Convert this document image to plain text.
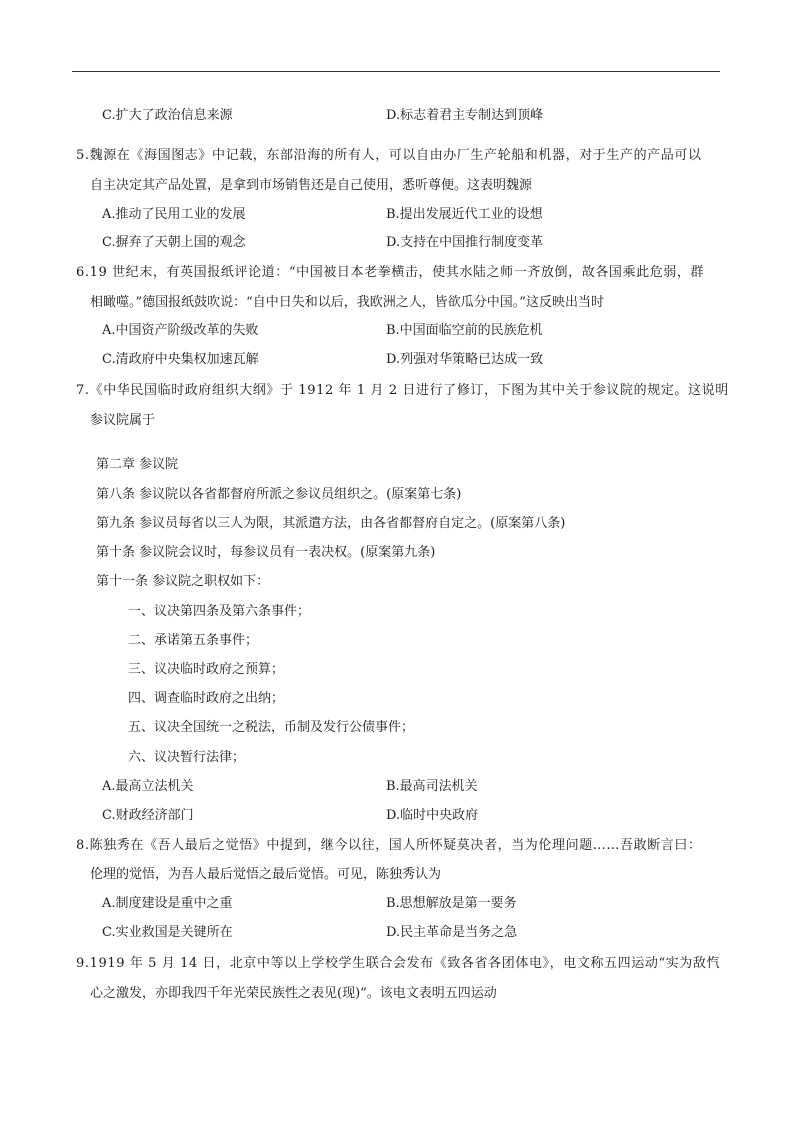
C.扩大了政治信息来源	D.标志着君主专制达到顶峰
5.魏源在《海国图志》中记载，东部沿海的所有人，可以自由办厂生产轮船和机器，对于生产的产品可以
自主决定其产品处置，是拿到市场销售还是自己使用，悉听尊便。这表明魏源
A.推动了民用工业的发展	B.提出发展近代工业的设想
C.摒弃了天朝上国的观念	D.支持在中国推行制度变革
6.19 世纪末，有英国报纸评论道：“中国被日本老拳横击，使其水陆之师一齐放倒，故各国乘此危弱，群
相瞰噬。”德国报纸鼓吹说：“自中日失和以后，我欧洲之人，皆欲瓜分中国。”这反映出当时
A.中国资产阶级改革的失败	B.中国面临空前的民族危机
C.清政府中央集权加速瓦解	D.列强对华策略已达成一致
7.《中华民国临时政府组织大纲》于 1912 年 1 月 2 日进行了修订，下图为其中关于参议院的规定。这说明
参议院属于
第二章 参议院
第八条 参议院以各省都督府所派之参议员组织之。(原案第七条)
第九条 参议员每省以三人为限，其派遣方法，由各省都督府自定之。(原案第八条)
第十条 参议院会议时，每参议员有一表决权。(原案第九条)
第十一条 参议院之职权如下：
一、议决第四条及第六条事件；
二、承诺第五条事件；
三、议决临时政府之预算；
四、调查临时政府之出纳；
五、议决全国统一之税法，币制及发行公债事件；
六、议决暂行法律；
A.最高立法机关	B.最高司法机关
C.财政经济部门	D.临时中央政府
8.陈独秀在《吾人最后之觉悟》中提到，继今以往，国人所怀疑莫决者，当为伦理问题……吾敢断言曰：
伦理的觉悟，为吾人最后觉悟之最后觉悟。可见，陈独秀认为
A.制度建设是重中之重	B.思想解放是第一要务
C.实业救国是关键所在	D.民主革命是当务之急
9.1919 年 5 月 14 日，北京中等以上学校学生联合会发布《致各省各团体电》，电文称五四运动“实为敌忾
心之激发，亦即我四千年光荣民族性之表见(现)”。该电文表明五四运动
